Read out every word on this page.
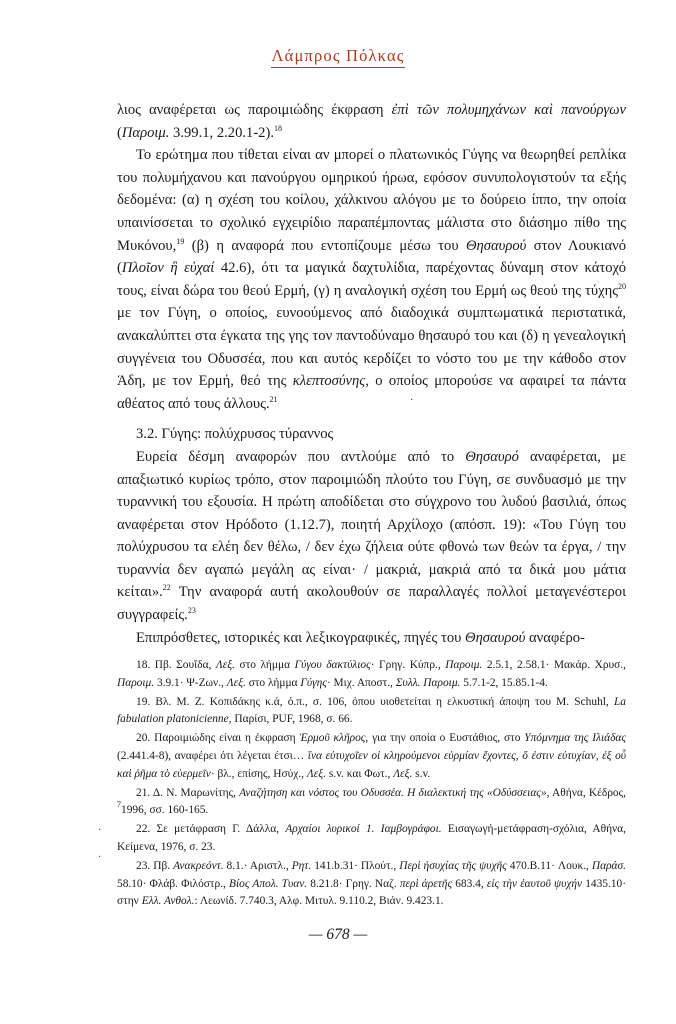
Λάμπρος Πόλκας

λιος αναφέρεται ως παροιμιώδης έκφραση ἐπὶ τῶν πολυμηχάνων καὶ πανούργων (Παροιμ. 3.99.1, 2.20.1-2).$^{18}$

Το ερώτημα που τίθεται είναι αν μπορεί ο πλατωνικός Γύγης να θεωρηθεί ρεπλίκα του πολυμήχανου και πανούργου ομηρικού ήρωα, εφόσον συνυπολογιστούν τα εξής δεδομένα: (α) η σχέση του κοίλου, χάλκινου αλόγου με το δούρειο ίππο, την οποία υπαινίσσεται το σχολικό εγχειρίδιο παραπέμποντας μάλιστα στο διάσημο πίθο της Μυκόνου,$^{19}$ (β) η αναφορά που εντοπίζουμε μέσω του Θησαυρού στον Λουκιανό (Πλοῖον ἢ εὐχαί 42.6), ότι τα μαγικά δαχτυλίδια, παρέχοντας δύναμη στον κάτοχό τους, είναι δώρα του θεού Ερμή, (γ) η αναλογική σχέση του Ερμή ως θεού της τύχης$^{20}$ με τον Γύγη, ο οποίος, ευνοούμενος από διαδοχικά συμπτωματικά περιστατικά, ανακαλύπτει στα έγκατα της γης τον παντοδύναμο θησαυρό του και (δ) η γενεαλογική συγγένεια του Οδυσσέα, που και αυτός κερδίζει το νόστο του με την κάθοδο στον Άδη, με τον Ερμή, θεό της κλεπτοσύνης, ο οποίος μπορούσε να αφαιρεί τα πάντα αθέατος από τους άλλους.$^{21}$

3.2. Γύγης: πολύχρυσος τύραννος

Ευρεία δέσμη αναφορών που αντλούμε από το Θησαυρό αναφέρεται, με απαξιωτικό κυρίως τρόπο, στον παροιμιώδη πλούτο του Γύγη, σε συνδυασμό με την τυραννική του εξουσία. Η πρώτη αποδίδεται στο σύγχρονο του λυδού βασιλιά, όπως αναφέρεται στον Ηρόδοτο (1.12.7), ποιητή Αρχίλοχο (απόσπ. 19): «Του Γύγη του πολύχρυσου τα ελέη δεν θέλω, / δεν έχω ζήλεια ούτε φθονώ των θεών τα έργα, / την τυραννία δεν αγαπώ μεγάλη ας είναι· / μακριά, μακριά από τα δικά μου μάτια κείται».$^{22}$ Την αναφορά αυτή ακολουθούν σε παραλλαγές πολλοί μεταγενέστεροι συγγραφείς.$^{23}$

Επιπρόσθετες, ιστορικές και λεξικογραφικές, πηγές του Θησαυρού αναφέρο-

18. Πβ. Σουΐδα, Λεξ. στο λήμμα Γύγου δακτύλιος· Γρηγ. Κύπρ., Παροιμ. 2.5.1, 2.58.1· Μακάρ. Χρυσ., Παροιμ. 3.9.1· Ψ-Ζων., Λεξ. στο λήμμα Γύγης· Μιχ. Αποστ., Συλλ. Παροιμ. 5.7.1-2, 15.85.1-4.

19. Βλ. Μ. Ζ. Κοπιδάκης κ.ά, ό.π., σ. 106, όπου υιοθετείται η ελκυστική άποψη του M. Schuhl, La fabulation platonicienne, Παρίσι, PUF, 1968, σ. 66.

20. Παροιμιώδης είναι η έκφραση Ἑρμοῦ κλῆρος, για την οποία ο Ευστάθιος, στο Υπόμνημα της Ιλιάδας (2.441.4-8), αναφέρει ότι λέγεται έτσι… ἵνα εὐτυχοῖεν οἱ κληρούμενοι εὑρμίαν ἔχοντες, ὅ ἐστιν εὐτυχίαν, ἐξ οὗ καὶ ῥῆμα τὸ εὑερμεῖν· βλ., επίσης, Ησύχ., Λεξ. s.v. και Φωτ., Λεξ. s.v.

21. Δ. Ν. Μαρωνίτης, Αναζήτηση και νόστος του Οδυσσέα. Η διαλεκτική της «Οδύσσειας», Αθήνα, Κέδρος, $^7$1996, σσ. 160-165.

22. Σε μετάφραση Γ. Δάλλα, Αρχαίοι λυρικοί 1. Ιαμβογράφοι. Εισαγωγή-μετάφραση-σχόλια, Αθήνα, Κείμενα, 1976, σ. 23.

23. Πβ. Ανακρεόντ. 8.1.· Αριστλ., Ρητ. 141.b.31· Πλούτ., Περὶ ἡσυχίας τῆς ψυχῆς 470.B.11· Λουκ., Παράσ. 58.10· Φλάβ. Φιλόστρ., Βίος Απολ. Τυαν. 8.21.8· Γρηγ. Ναζ. περὶ ἀρετῆς 683.4, εἰς τὴν ἑαυτοῦ ψυχήν 1435.10· στην Ελλ. Ανθολ.: Λεωνίδ. 7.740.3, Αλφ. Μιτυλ. 9.110.2, Βιάν. 9.423.1.

— 678 —
·
·
·
